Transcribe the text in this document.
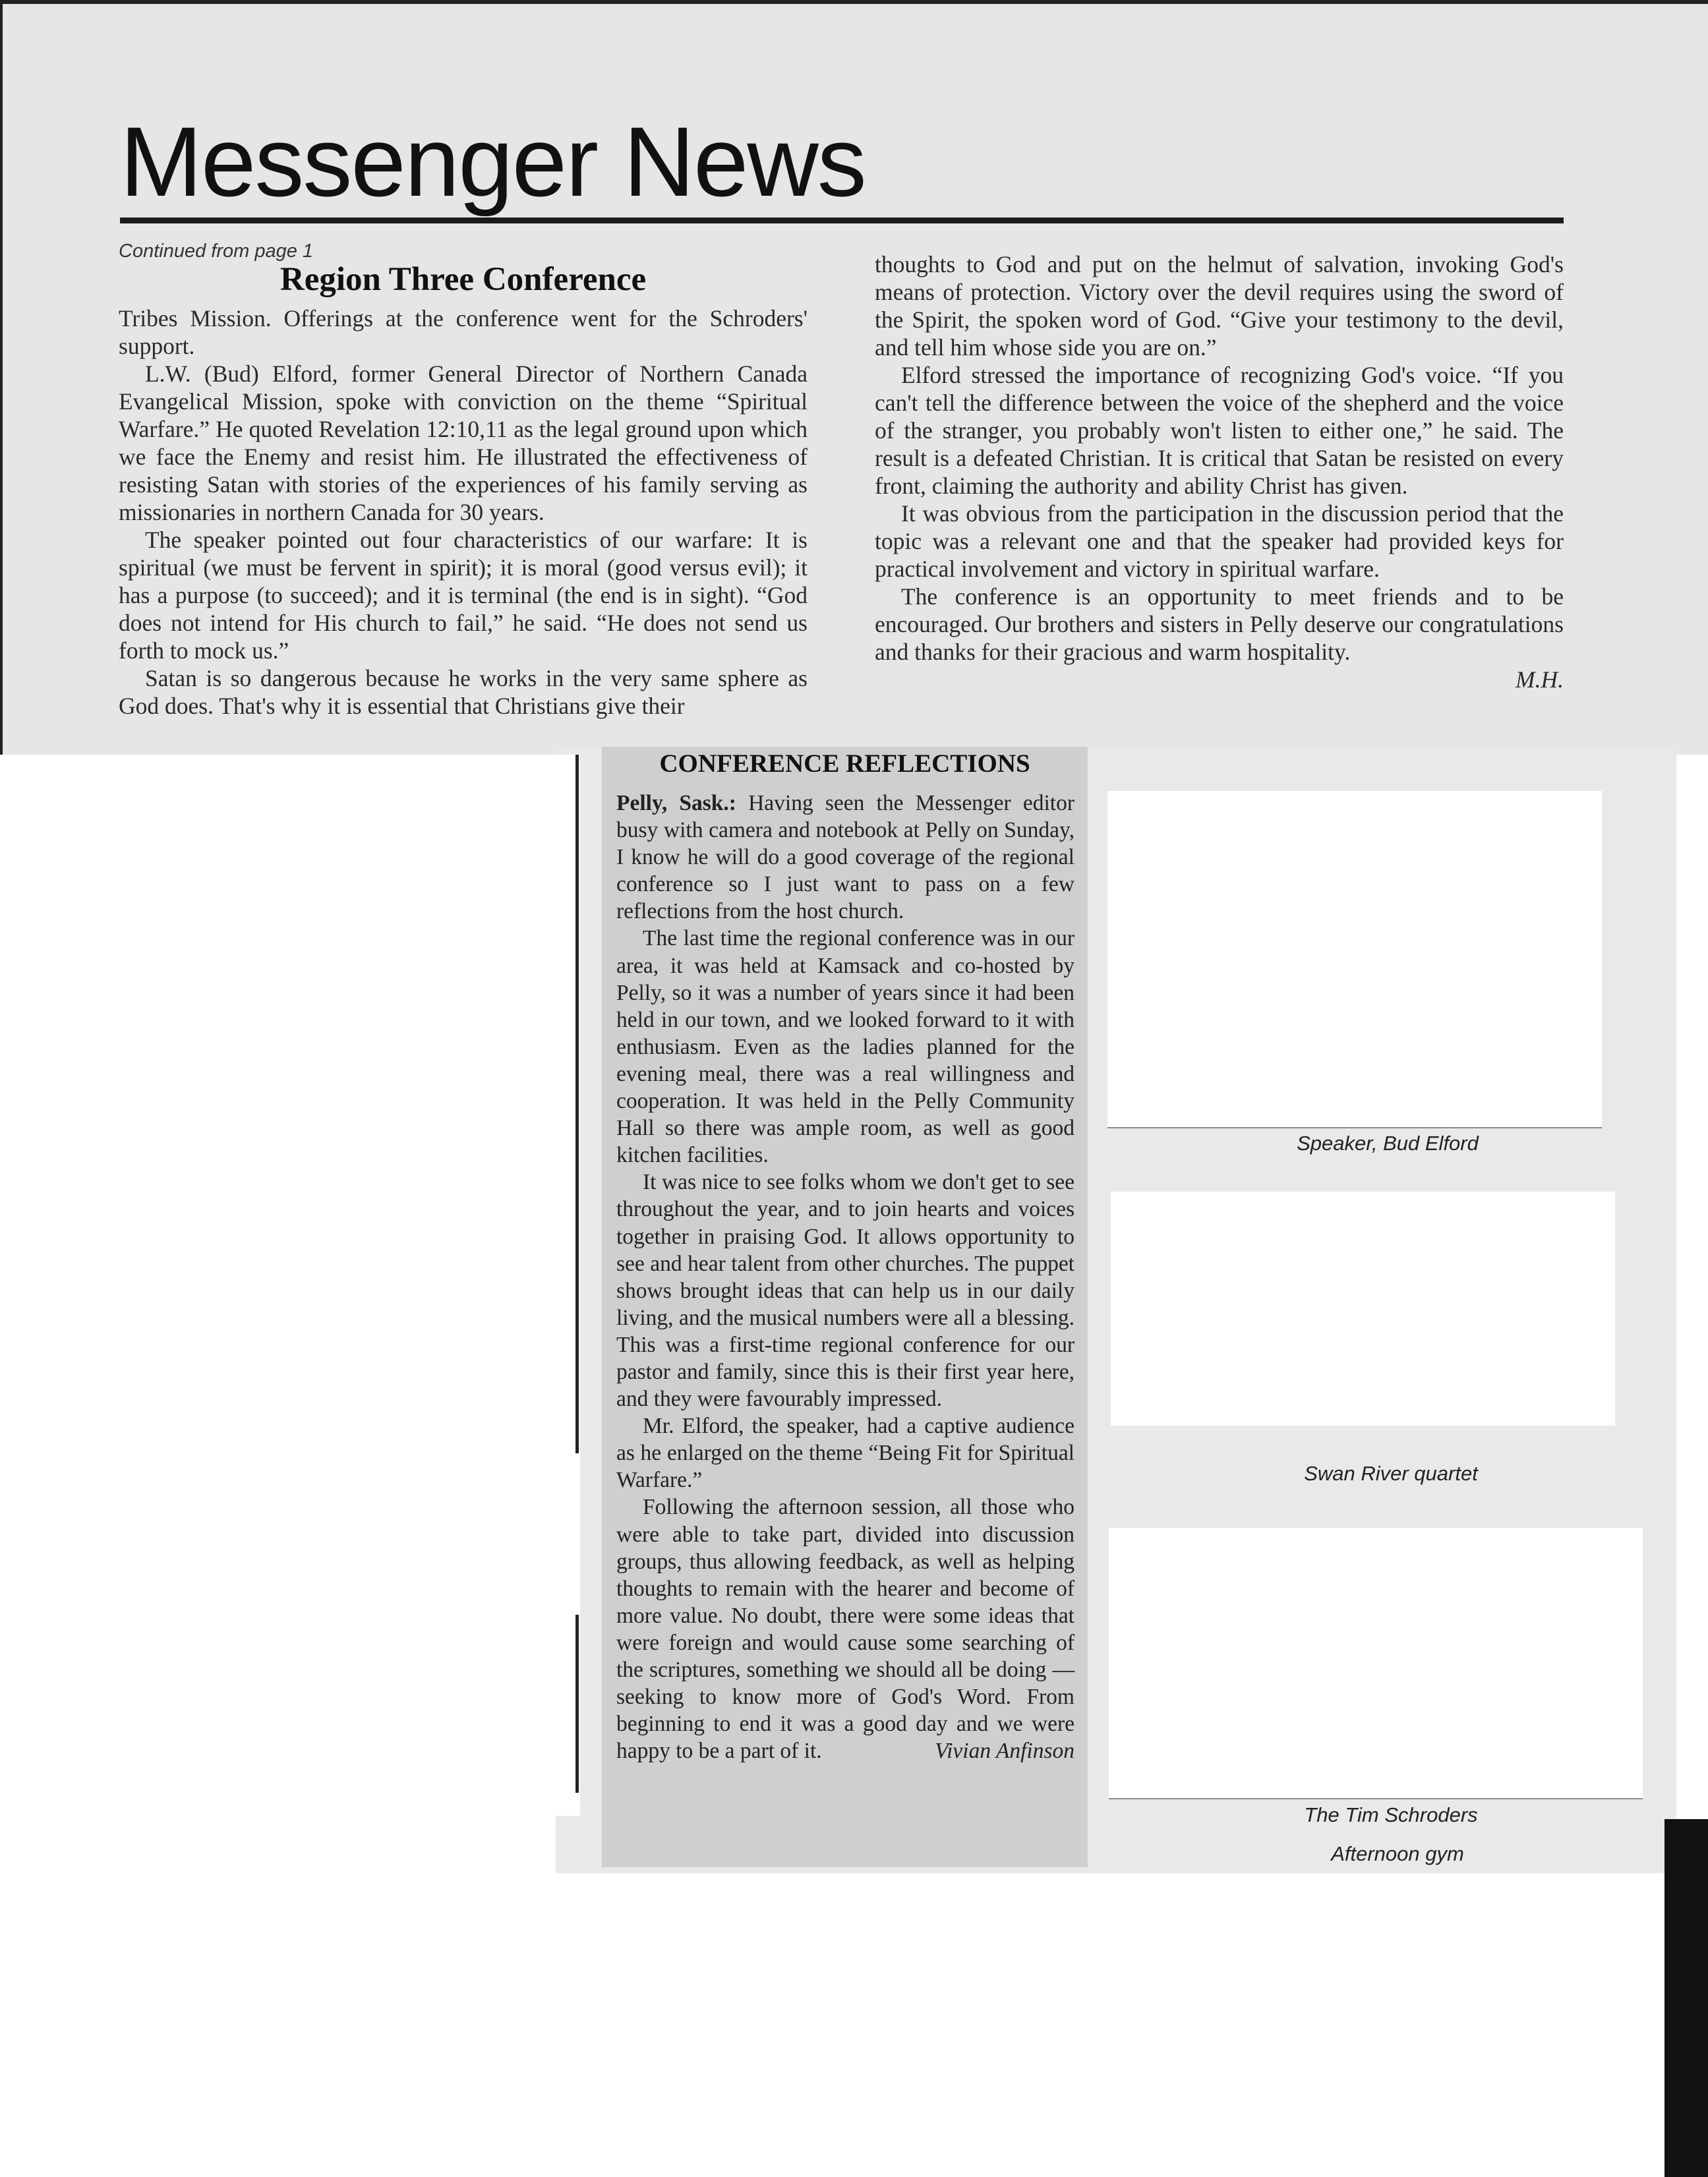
Messenger News
Continued from page 1
Region Three Conference

Tribes Mission. Offerings at the conference went for the Schroders' support.

L.W. (Bud) Elford, former General Director of Northern Canada Evangelical Mission, spoke with conviction on the theme “Spiritual Warfare.” He quoted Revelation 12:10,11 as the legal ground upon which we face the Enemy and resist him. He illustrated the effectiveness of resisting Satan with stories of the experiences of his family serving as missionaries in northern Canada for 30 years.

The speaker pointed out four characteristics of our warfare: It is spiritual (we must be fervent in spirit); it is moral (good versus evil); it has a purpose (to succeed); and it is terminal (the end is in sight). “God does not intend for His church to fail,” he said. “He does not send us forth to mock us.”

Satan is so dangerous because he works in the very same sphere as God does. That's why it is essential that Christians give their

thoughts to God and put on the helmut of salvation, invoking God's means of protection. Victory over the devil requires using the sword of the Spirit, the spoken word of God. “Give your testimony to the devil, and tell him whose side you are on.”

Elford stressed the importance of recognizing God's voice. “If you can't tell the difference between the voice of the shepherd and the voice of the stranger, you probably won't listen to either one,” he said. The result is a defeated Christian. It is critical that Satan be resisted on every front, claiming the authority and ability Christ has given.

It was obvious from the participation in the discussion period that the topic was a relevant one and that the speaker had provided keys for practical involvement and victory in spiritual warfare.

The conference is an opportunity to meet friends and to be encouraged. Our brothers and sisters in Pelly deserve our congratulations and thanks for their gracious and warm hospitality.

M.H.

CONFERENCE REFLECTIONS

Pelly, Sask.: Having seen the Messenger editor busy with camera and notebook at Pelly on Sunday, I know he will do a good coverage of the regional conference so I just want to pass on a few reflections from the host church.

The last time the regional conference was in our area, it was held at Kamsack and co-hosted by Pelly, so it was a number of years since it had been held in our town, and we looked forward to it with enthusiasm. Even as the ladies planned for the evening meal, there was a real willingness and cooperation. It was held in the Pelly Community Hall so there was ample room, as well as good kitchen facilities.

It was nice to see folks whom we don't get to see throughout the year, and to join hearts and voices together in praising God. It allows opportunity to see and hear talent from other churches. The puppet shows brought ideas that can help us in our daily living, and the musical numbers were all a blessing. This was a first-time regional conference for our pastor and family, since this is their first year here, and they were favourably impressed.

Mr. Elford, the speaker, had a captive audience as he enlarged on the theme “Being Fit for Spiritual Warfare.”

Following the afternoon session, all those who were able to take part, divided into discussion groups, thus allowing feedback, as well as helping thoughts to remain with the hearer and become of more value. No doubt, there were some ideas that were foreign and would cause some searching of the scriptures, something we should all be doing — seeking to know more of God's Word. From beginning to end it was a good day and we were happy to be a part of it.	Vivian Anfinson

Speaker, Bud Elford
Swan River quartet
The Tim Schroders
Afternoon gym
